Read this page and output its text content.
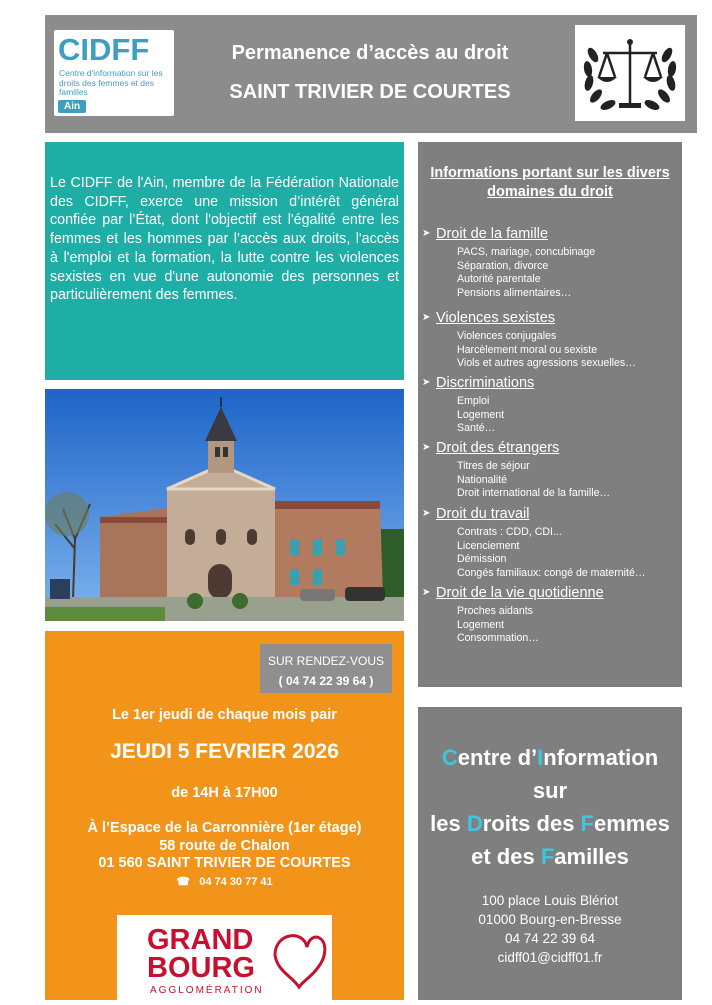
CIDFF
Centre d'information sur les droits des femmes et des familles
Ain
Permanence d’accès au droit
SAINT TRIVIER DE COURTES

Le CIDFF de l'Ain, membre de la Fédération Nationale des CIDFF, exerce une mission d’intérêt général confiée par l’État, dont l'objectif est l'égalité entre les femmes et les hommes par l’accès aux droits, l'accès à l'emploi et la formation, la lutte contre les violences sexistes en vue d'une autonomie des personnes et particulièrement des femmes.

SUR RENDEZ-VOUS
( 04 74 22 39 64 )
Le 1er jeudi de chaque mois pair
JEUDI 5 FEVRIER 2026
de 14H à 17H00
À l’Espace de la Carronnière (1er étage)
58 route de Chalon
01 560 SAINT TRIVIER DE COURTES
☎ 04 74 30 77 41
GRAND
BOURG
AGGLOMÉRATION
Informations portant sur les divers domaines du droit
➤ Droit de la famille
PACS, mariage, concubinage
Séparation, divorce
Autorité parentale
Pensions alimentaires…
➤ Violences sexistes
Violences conjugales
Harcèlement moral ou sexiste
Viols et autres agressions sexuelles…
➤ Discriminations
Emploi
Logement
Santé…
➤ Droit des étrangers
Titres de séjour
Nationalité
Droit international de la famille…
➤ Droit du travail
Contrats : CDD, CDI...
Licenciement
Démission
Congés familiaux: congé de maternité…
➤ Droit de la vie quotidienne
Proches aidants
Logement
Consommation…
Centre d’Information
sur
les Droits des Femmes
et des Familles
100 place Louis Blériot
01000 Bourg-en-Bresse
04 74 22 39 64
cidff01@cidff01.fr
